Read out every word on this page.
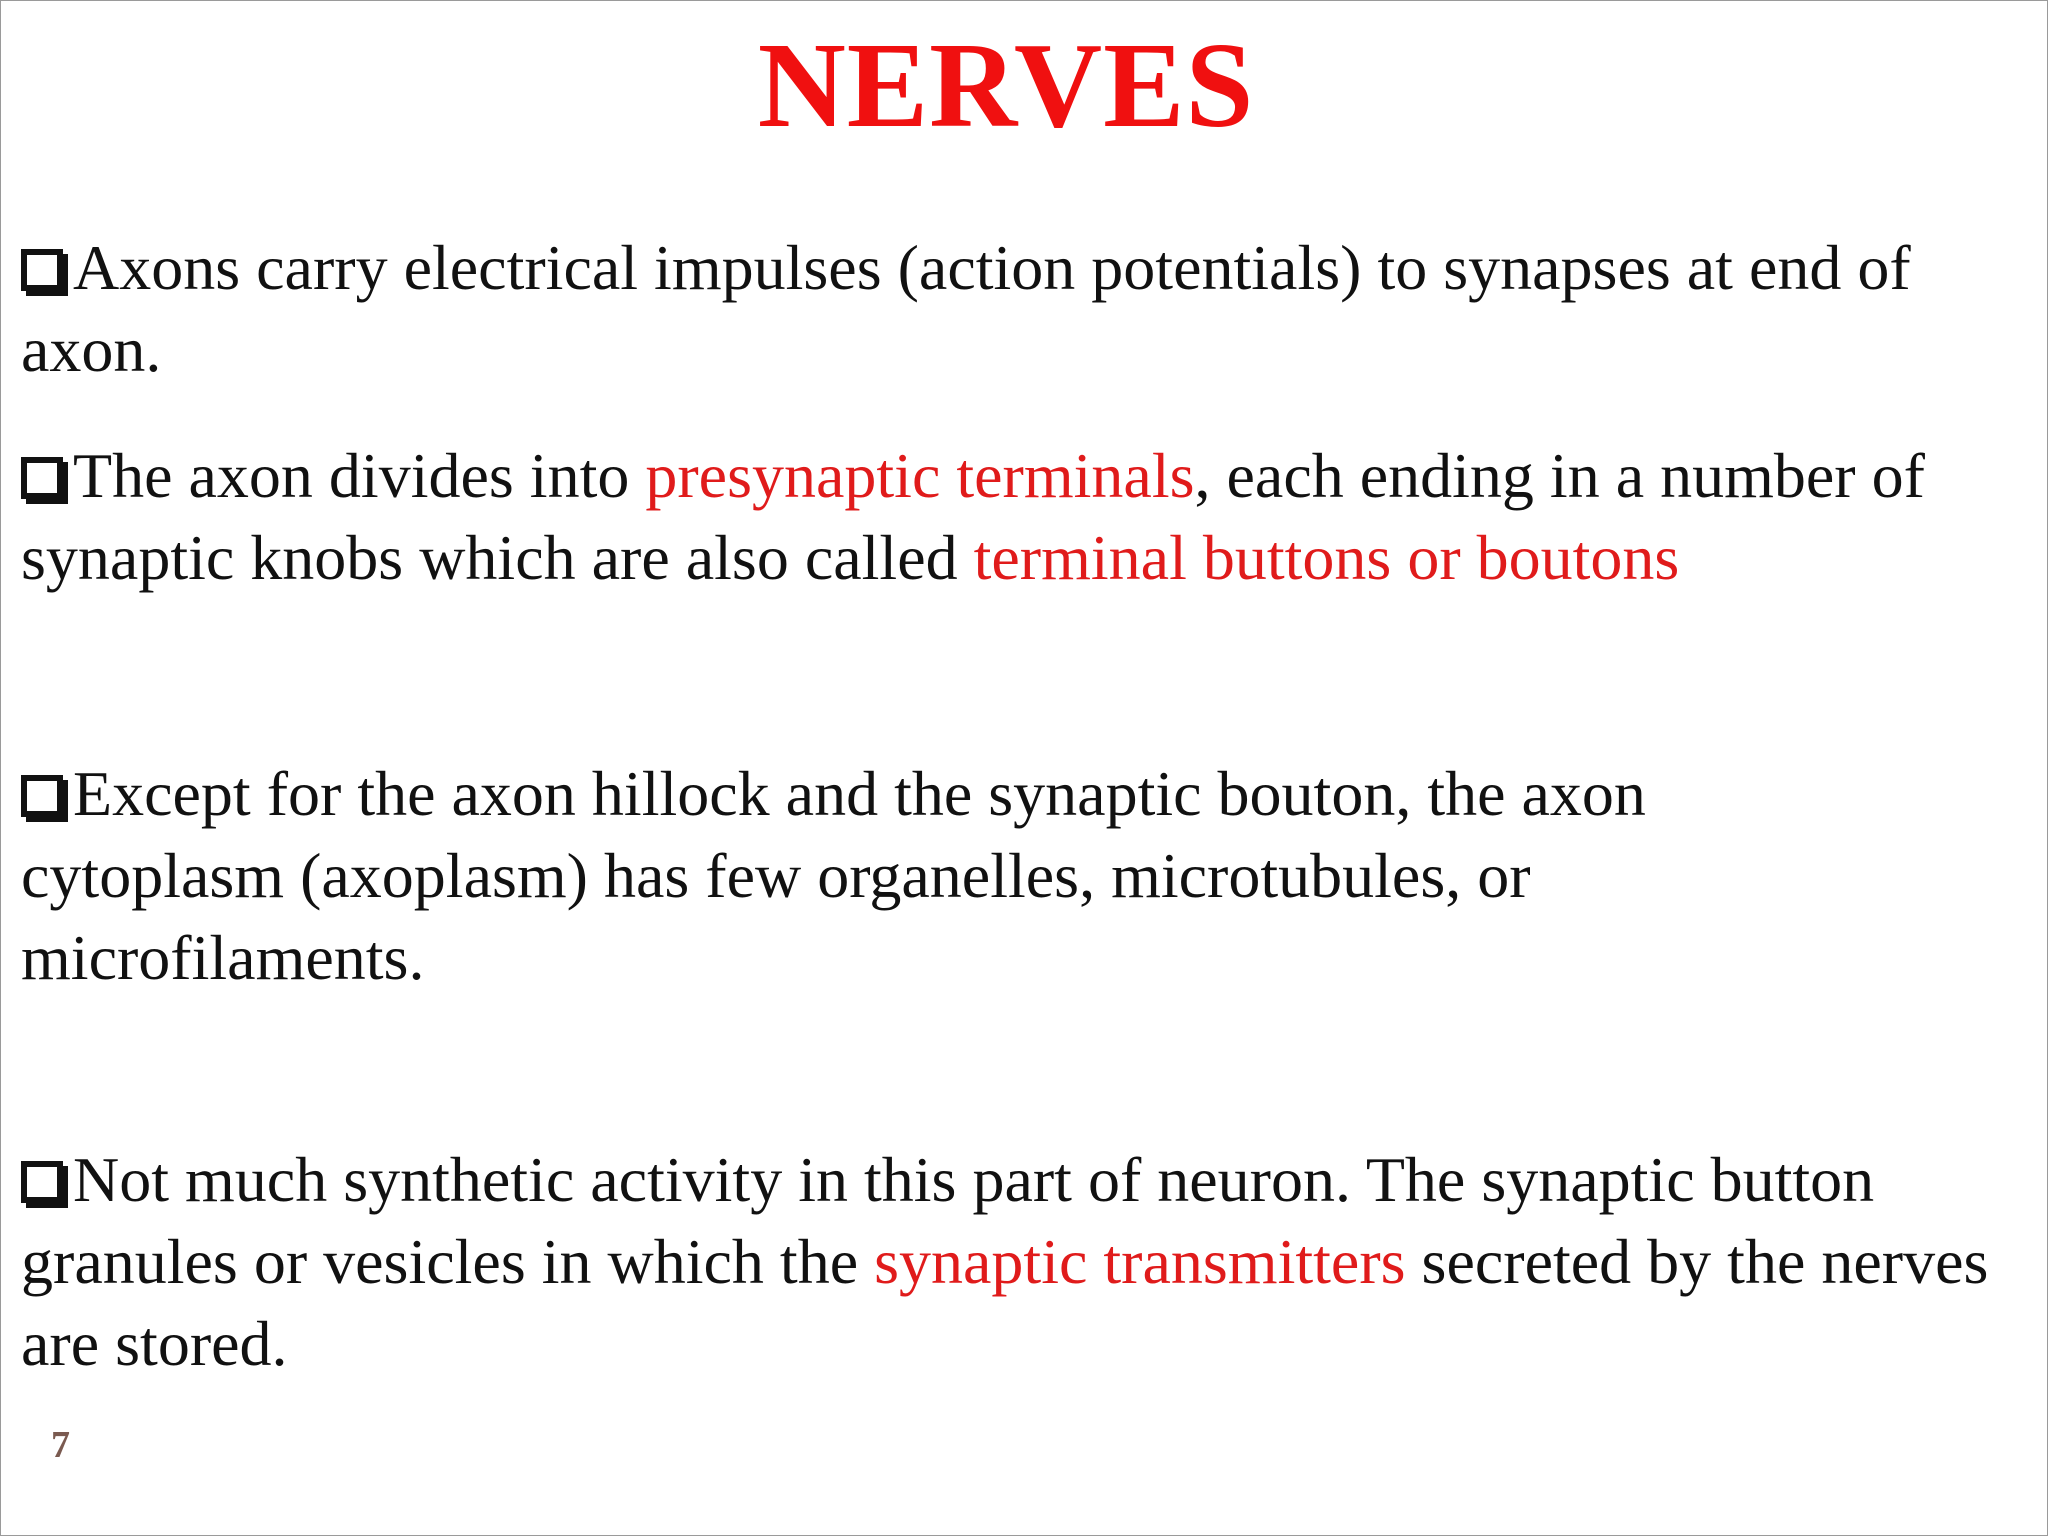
NERVES

Axons carry electrical impulses (action potentials) to synapses at end of axon.

The axon divides into presynaptic terminals, each ending in a number of synaptic knobs which are also called terminal buttons or boutons

Except for the axon hillock and the synaptic bouton, the axon cytoplasm (axoplasm) has few organelles, microtubules, or microfilaments.

Not much synthetic activity in this part of neuron. The synaptic button granules or vesicles in which the synaptic transmitters secreted by the nerves are stored.

7
